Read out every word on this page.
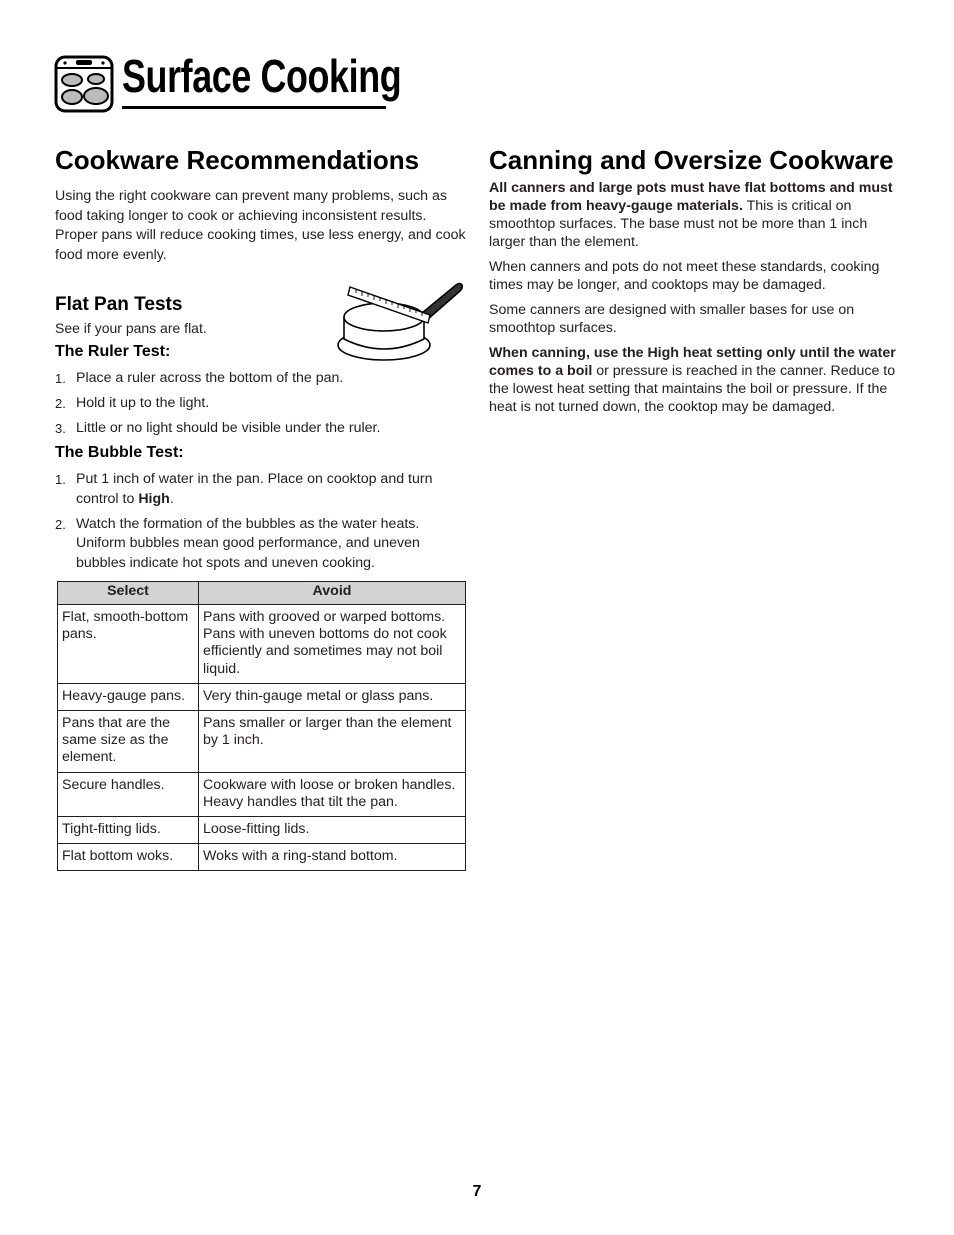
Surface Cooking
Cookware Recommendations

Using the right cookware can prevent many problems, such as food taking longer to cook or achieving inconsistent results. Proper pans will reduce cooking times, use less energy, and cook food more evenly.

Flat Pan Tests

See if your pans are flat.

The Ruler Test:
1. Place a ruler across the bottom of the pan.
2. Hold it up to the light.
3. Little or no light should be visible under the ruler.
The Bubble Test:
1. Put 1 inch of water in the pan. Place on cooktop and turn control to High.
2. Watch the formation of the bubbles as the water heats. Uniform bubbles mean good performance, and uneven bubbles indicate hot spots and uneven cooking.
Select	Avoid
Flat, smooth-bottom pans.	Pans with grooved or warped bottoms. Pans with uneven bottoms do not cook efficiently and sometimes may not boil liquid.
Heavy-gauge pans.	Very thin-gauge metal or glass pans.
Pans that are the same size as the element.	Pans smaller or larger than the element by 1 inch.
Secure handles.	Cookware with loose or broken handles. Heavy handles that tilt the pan.
Tight-fitting lids.	Loose-fitting lids.
Flat bottom woks.	Woks with a ring-stand bottom.
Canning and Oversize Cookware

All canners and large pots must have flat bottoms and must be made from heavy-gauge materials. This is critical on smoothtop surfaces. The base must not be more than 1 inch larger than the element.

When canners and pots do not meet these standards, cooking times may be longer, and cooktops may be damaged.

Some canners are designed with smaller bases for use on smoothtop surfaces.

When canning, use the High heat setting only until the water comes to a boil or pressure is reached in the canner. Reduce to the lowest heat setting that maintains the boil or pressure. If the heat is not turned down, the cooktop may be damaged.

7
